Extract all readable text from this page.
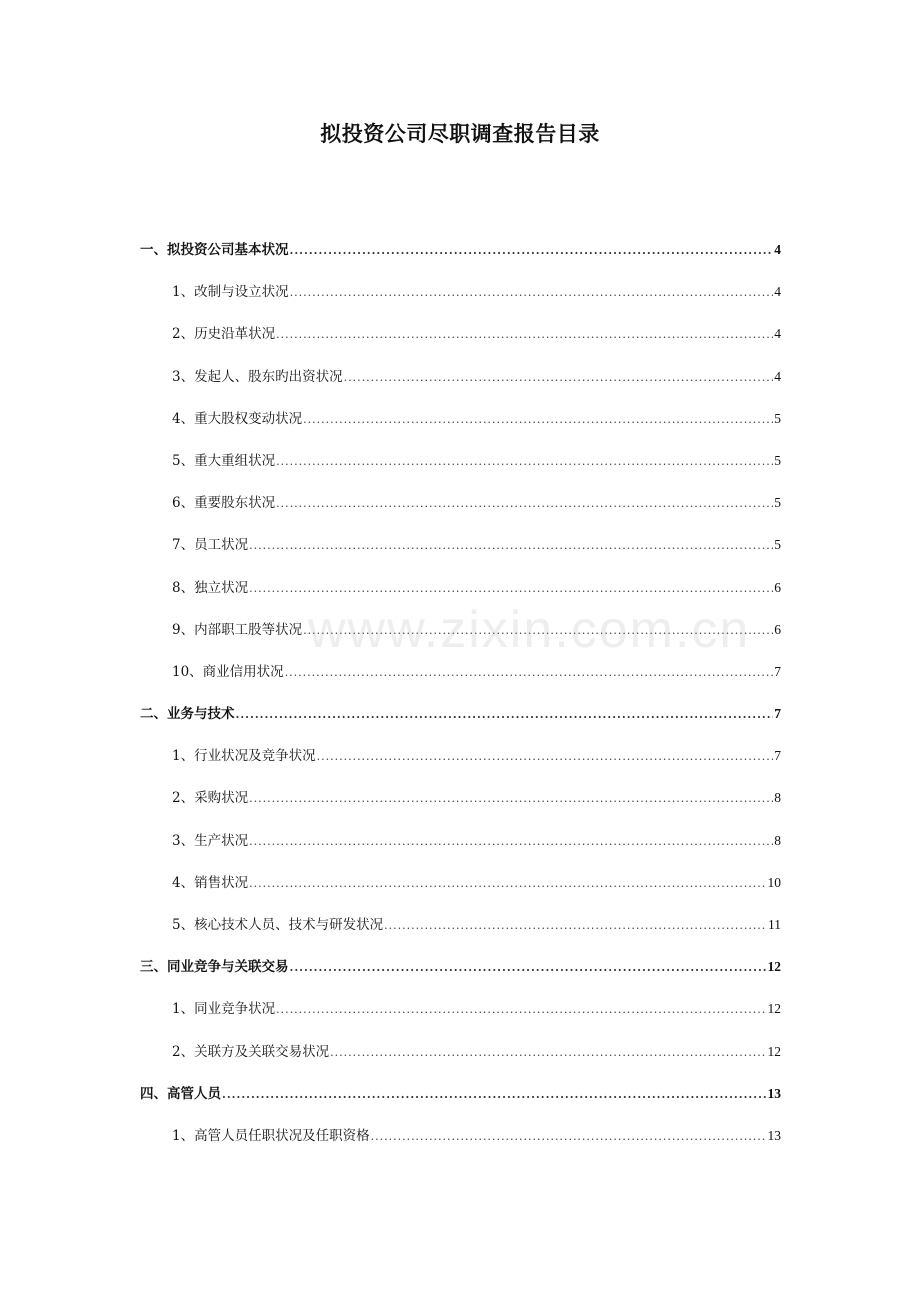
拟投资公司尽职调查报告目录
一、拟投资公司基本状况 .....	4
1、改制与设立状况 .....	4
2、历史沿革状况 .....	4
3、发起人、股东旳出资状况 .....	4
4、重大股权变动状况 .....	5
5、重大重组状况 .....	5
6、重要股东状况 .....	5
7、员工状况 .....	5
8、独立状况 .....	6
9、内部职工股等状况 .....	6
10、商业信用状况 .....	7
二、业务与技术 .....	7
1、行业状况及竞争状况 .....	7
2、采购状况 .....	8
3、生产状况 .....	8
4、销售状况 .....	10
5、核心技术人员、技术与研发状况 .....	11
三、同业竞争与关联交易 .....	12
1、同业竞争状况 .....	12
2、关联方及关联交易状况 .....	12
四、高管人员 .....	13
1、高管人员任职状况及任职资格 .....	13
www.zixin.com.cn
